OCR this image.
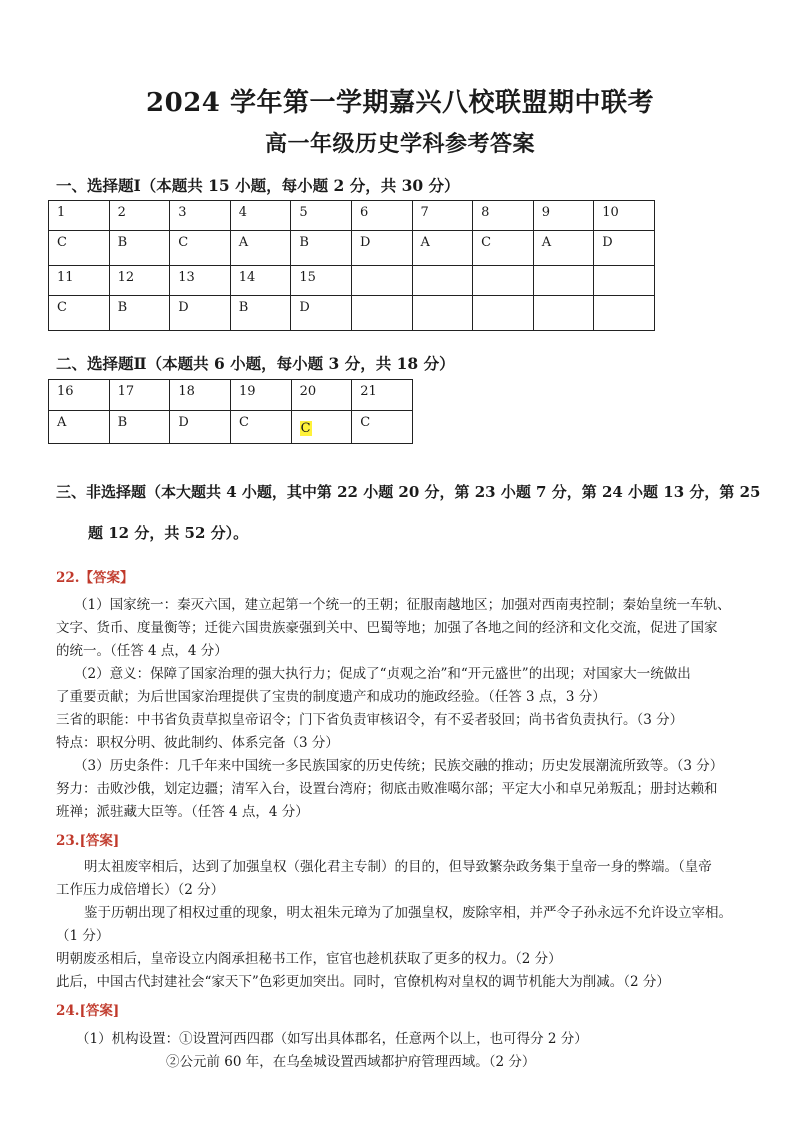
2024 学年第一学期嘉兴八校联盟期中联考
高一年级历史学科参考答案
一、选择题Ⅰ（本题共 15 小题，每小题 2 分，共 30 分）
1	2	3	4	5	6	7	8	9	10
C	B	C	A	B	D	A	C	A	D
11	12	13	14	15					
C	B	D	B	D					
二、选择题Ⅱ（本题共 6 小题，每小题 3 分，共 18 分）
16	17	18	19	20	21
A	B	D	C	C	C
三、非选择题（本大题共 4 小题，其中第 22 小题 20 分，第 23 小题 7 分，第 24 小题 13 分，第 25
题 12 分，共 52 分）。
22.【答案】
（1）国家统一：秦灭六国，建立起第一个统一的王朝；征服南越地区；加强对西南夷控制；秦始皇统一车轨、
文字、货币、度量衡等；迁徙六国贵族豪强到关中、巴蜀等地；加强了各地之间的经济和文化交流，促进了国家
的统一。（任答 4 点，4 分）
（2）意义：保障了国家治理的强大执行力；促成了“贞观之治”和“开元盛世”的出现；对国家大一统做出
了重要贡献；为后世国家治理提供了宝贵的制度遗产和成功的施政经验。（任答 3 点，3 分）
三省的职能：中书省负责草拟皇帝诏令；门下省负责审核诏令，有不妥者驳回；尚书省负责执行。（3 分）
特点：职权分明、彼此制约、体系完备（3 分）
（3）历史条件：几千年来中国统一多民族国家的历史传统；民族交融的推动；历史发展潮流所致等。（3 分）
努力：击败沙俄，划定边疆；清军入台，设置台湾府；彻底击败准噶尔部；平定大小和卓兄弟叛乱；册封达赖和
班禅；派驻藏大臣等。（任答 4 点，4 分）
23.[答案]
明太祖废宰相后，达到了加强皇权（强化君主专制）的目的，但导致繁杂政务集于皇帝一身的弊端。（皇帝
工作压力成倍增长）（2 分）
鉴于历朝出现了相权过重的现象，明太祖朱元璋为了加强皇权，废除宰相，并严令子孙永远不允许设立宰相。
（1 分）
明朝废丞相后，皇帝设立内阁承担秘书工作，宦官也趁机获取了更多的权力。（2 分）
此后，中国古代封建社会“家天下”色彩更加突出。同时，官僚机构对皇权的调节机能大为削减。（2 分）
24.[答案]
（1）机构设置：①设置河西四郡（如写出具体郡名，任意两个以上，也可得分 2 分）
②公元前 60 年，在乌垒城设置西域都护府管理西域。（2 分）
